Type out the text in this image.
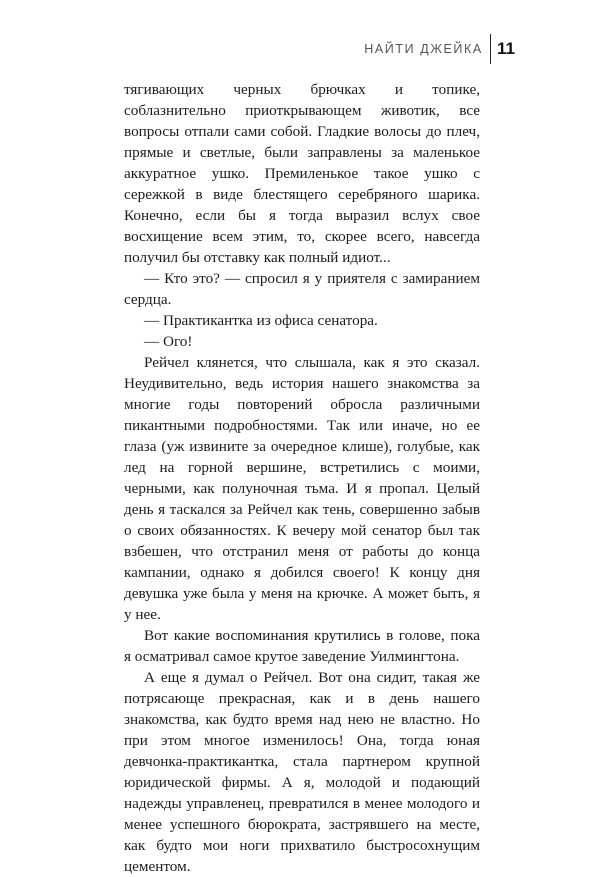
НАЙТИ ДЖЕЙКА 11

тягивающих черных брючках и топике, соблазнительно приоткрывающем животик, все вопросы отпали сами собой. Гладкие волосы до плеч, прямые и светлые, были заправлены за маленькое аккуратное ушко. Премиленькое такое ушко с сережкой в виде блестящего серебряного шарика. Конечно, если бы я тогда выразил вслух свое восхищение всем этим, то, скорее всего, навсегда получил бы отставку как полный идиот...

— Кто это? — спросил я у приятеля с замиранием сердца.

— Практикантка из офиса сенатора.

— Ого!

Рейчел клянется, что слышала, как я это сказал. Неудивительно, ведь история нашего знакомства за многие годы повторений обросла различными пикантными подробностями. Так или иначе, но ее глаза (уж извините за очередное клише), голубые, как лед на горной вершине, встретились с моими, черными, как полуночная тьма. И я пропал. Целый день я таскался за Рейчел как тень, совершенно забыв о своих обязанностях. К вечеру мой сенатор был так взбешен, что отстранил меня от работы до конца кампании, однако я добился своего! К концу дня девушка уже была у меня на крючке. А может быть, я у нее.

Вот какие воспоминания крутились в голове, пока я осматривал самое крутое заведение Уилмингтона.

А еще я думал о Рейчел. Вот она сидит, такая же потрясающе прекрасная, как и в день нашего знакомства, как будто время над нею не властно. Но при этом многое изменилось! Она, тогда юная девчонка-практикантка, стала партнером крупной юридической фирмы. А я, молодой и подающий надежды управленец, превратился в менее молодого и менее успешного бюрократа, застрявшего на месте, как будто мои ноги прихватило быстросохнущим цементом.
